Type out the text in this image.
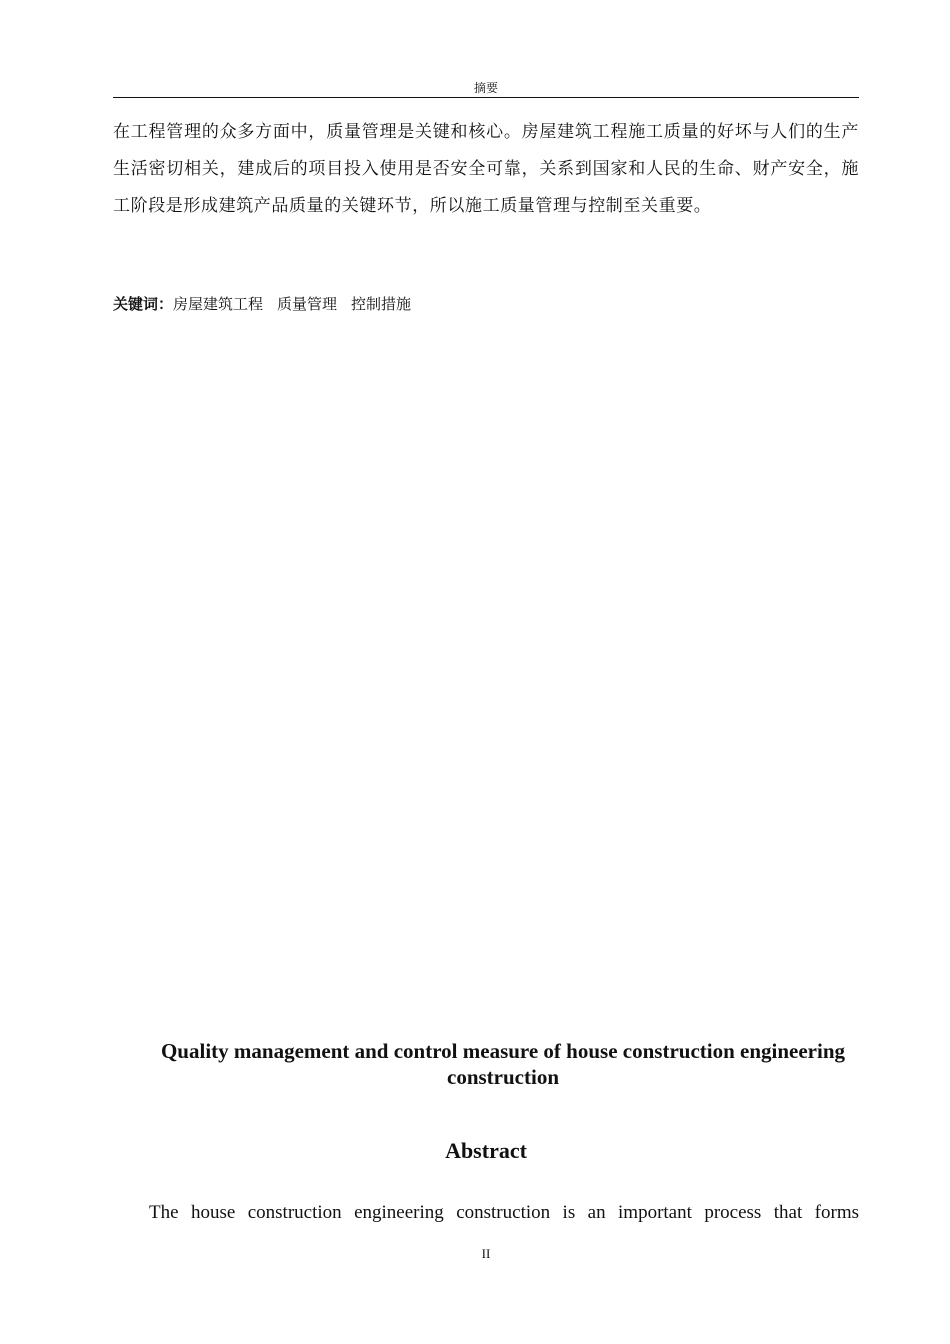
摘要

在工程管理的众多方面中，质量管理是关键和核心。房屋建筑工程施工质量的好坏与人们的生产生活密切相关，建成后的项目投入使用是否安全可靠，关系到国家和人民的生命、财产安全，施工阶段是形成建筑产品质量的关键环节，所以施工质量管理与控制至关重要。

关键词：房屋建筑工程 质量管理 控制措施
Quality management and control measure of house construction engineering construction
Abstract

The house construction engineering construction is an important process that forms

II
